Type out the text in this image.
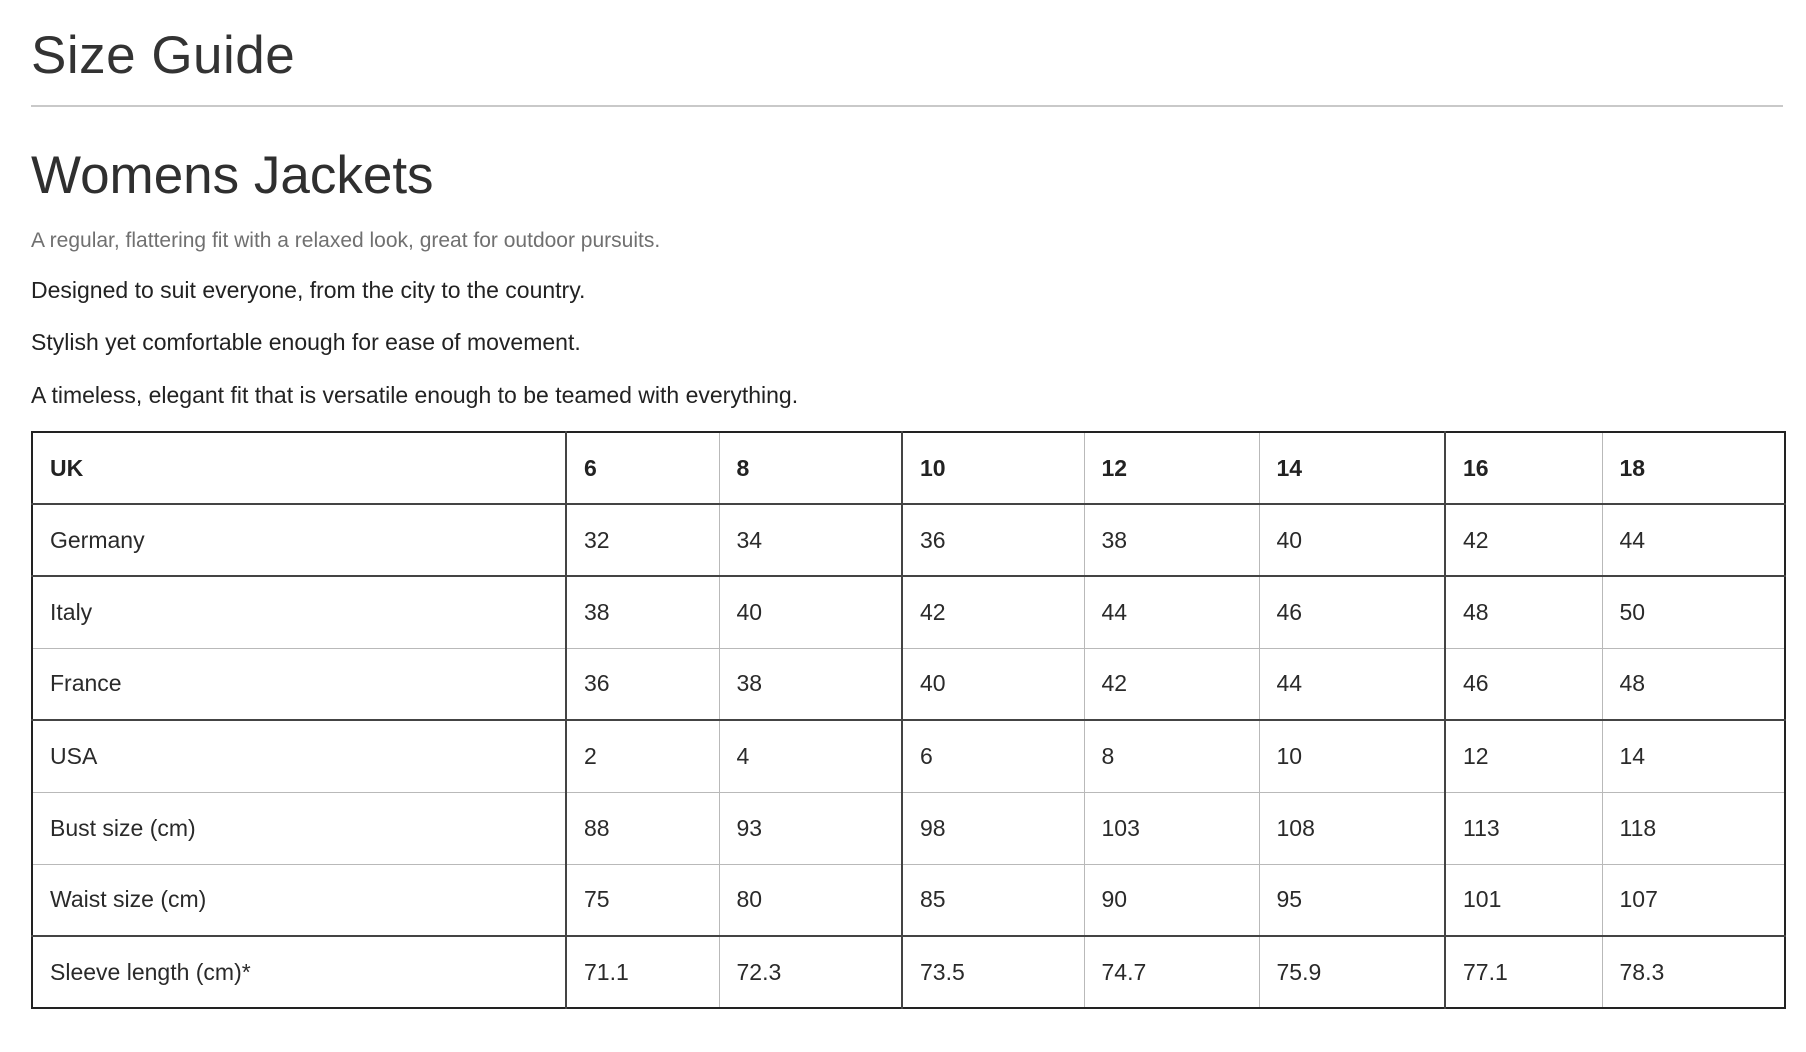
Size Guide
Womens Jackets

A regular, flattering fit with a relaxed look, great for outdoor pursuits.

Designed to suit everyone, from the city to the country.

Stylish yet comfortable enough for ease of movement.

A timeless, elegant fit that is versatile enough to be teamed with everything.

UK	6	8	10	12	14	16	18
Germany	32	34	36	38	40	42	44
Italy	38	40	42	44	46	48	50
France	36	38	40	42	44	46	48
USA	2	4	6	8	10	12	14
Bust size (cm)	88	93	98	103	108	113	118
Waist size (cm)	75	80	85	90	95	101	107
Sleeve length (cm)*	71.1	72.3	73.5	74.7	75.9	77.1	78.3
